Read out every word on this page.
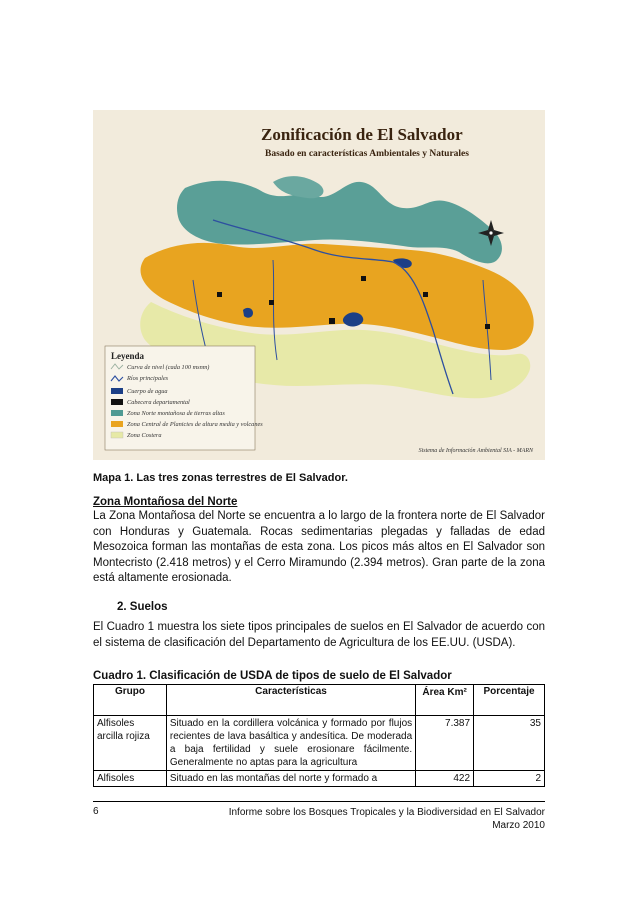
Zonificación de El Salvador
Basado en características Ambientales y Naturales
Leyenda
Curva de nivel (cada 100 msnm)
Ríos principales
Cuerpo de agua
Cabecera departamental
Zona Norte montañosa de tierras altas
Zona Central de Planicies de altura media y volcanes
Zona Costera
Sistema de Información Ambiental SIA - MARN
Mapa 1. Las tres zonas terrestres de El Salvador.
Zona Montañosa del Norte

La Zona Montañosa del Norte se encuentra a lo largo de la frontera norte de El Salvador con Honduras y Guatemala. Rocas sedimentarias plegadas y falladas de edad Mesozoica forman las montañas de esta zona. Los picos más altos en El Salvador son Montecristo (2.418 metros) y el Cerro Miramundo (2.394 metros). Gran parte de la zona está altamente erosionada.

2. Suelos

El Cuadro 1 muestra los siete tipos principales de suelos en El Salvador de acuerdo con el sistema de clasificación del Departamento de Agricultura de los EE.UU. (USDA).

Cuadro 1. Clasificación de USDA de tipos de suelo de El Salvador
Grupo	Características	Área Km²	Porcentaje
Alfisoles arcilla rojiza	Situado en la cordillera volcánica y formado por flujos recientes de lava basáltica y andesítica. De moderada a baja fertilidad y suele erosionare fácilmente. Generalmente no aptas para la agricultura	7.387	35
Alfisoles	Situado en las montañas del norte y formado a	422	2
6	Informe sobre los Bosques Tropicales y la Biodiversidad en El Salvador
Marzo 2010
